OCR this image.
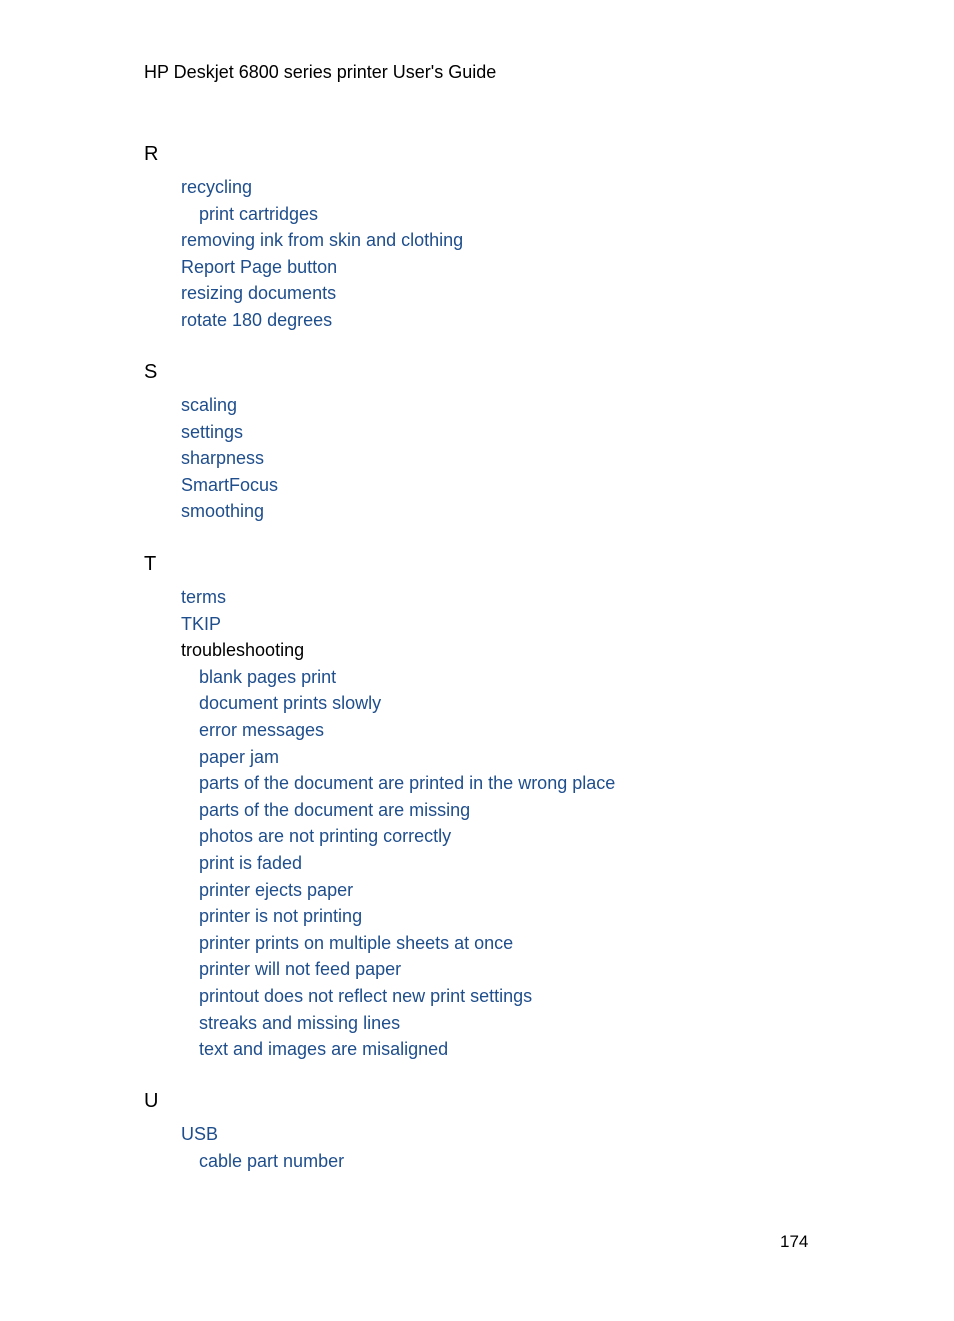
HP Deskjet 6800 series printer User's Guide
R
recycling
print cartridges
removing ink from skin and clothing
Report Page button
resizing documents
rotate 180 degrees
S
scaling
settings
sharpness
SmartFocus
smoothing
T
terms
TKIP
troubleshooting
blank pages print
document prints slowly
error messages
paper jam
parts of the document are printed in the wrong place
parts of the document are missing
photos are not printing correctly
print is faded
printer ejects paper
printer is not printing
printer prints on multiple sheets at once
printer will not feed paper
printout does not reflect new print settings
streaks and missing lines
text and images are misaligned
U
USB
cable part number
174
